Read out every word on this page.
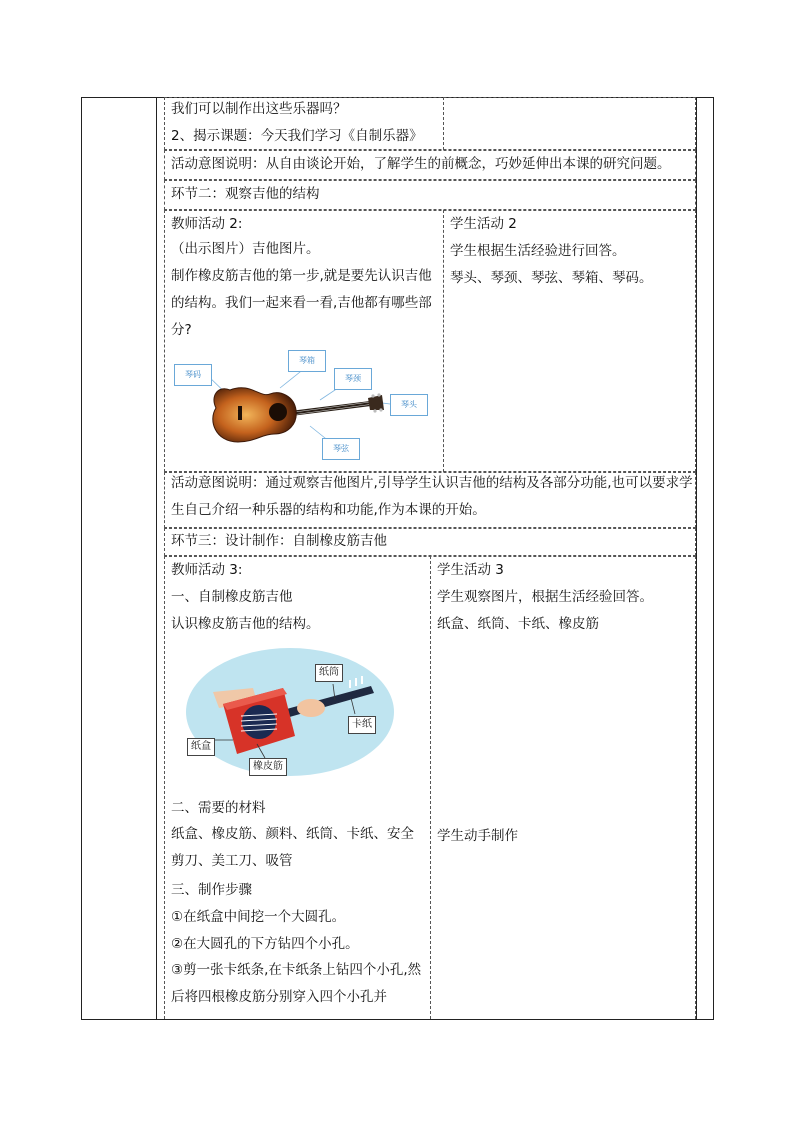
我们可以制作出这些乐器吗？
2、揭示课题：今天我们学习《自制乐器》
活动意图说明：从自由谈论开始，了解学生的前概念，巧妙延伸出本课的研究问题。
环节二：观察吉他的结构
教师活动 2:
（出示图片）吉他图片。
制作橡皮筋吉他的第一步,就是要先认识吉他的结构。我们一起来看一看,吉他都有哪些部分?
学生活动 2
学生根据生活经验进行回答。
琴头、琴颈、琴弦、琴箱、琴码。
琴码
琴箱
琴颈
琴头
琴弦
活动意图说明：通过观察吉他图片,引导学生认识吉他的结构及各部分功能,也可以要求学生自己介绍一种乐器的结构和功能,作为本课的开始。
环节三：设计制作：自制橡皮筋吉他
教师活动 3:
一、自制橡皮筋吉他
认识橡皮筋吉他的结构。
学生活动 3
学生观察图片，根据生活经验回答。
纸盒、纸筒、卡纸、橡皮筋
纸筒
卡纸
纸盒
橡皮筋
二、需要的材料
纸盒、橡皮筋、颜料、纸筒、卡纸、安全剪刀、美工刀、吸管
三、制作步骤
①在纸盒中间挖一个大圆孔。
②在大圆孔的下方钻四个小孔。
③剪一张卡纸条,在卡纸条上钻四个小孔,然后将四根橡皮筋分别穿入四个小孔并
学生动手制作
